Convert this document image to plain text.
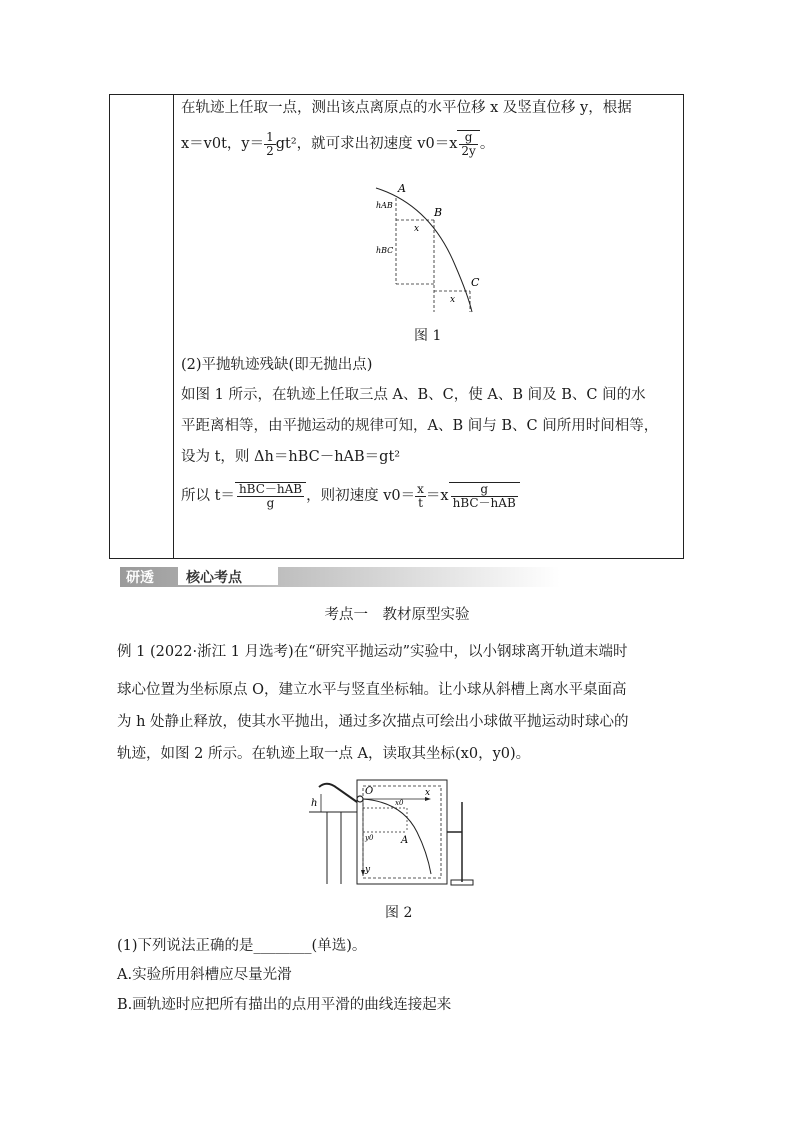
在轨迹上任取一点，测出该点离原点的水平位移 x 及竖直位移 y，根据
x＝v0t，$y= \frac{1}{2} gt^2$，就可求出初速度 $v0=x \frac{g}{2y}$ 。
A
B
C
hAB
hBC
x
x
图 1
(2)平抛轨迹残缺(即无抛出点)
如图 1 所示，在轨迹上任取三点 A、B、C，使 A、B 间及 B、C 间的水
平距离相等，由平抛运动的规律可知，A、B 间与 B、C 间所用时间相等，
设为 t，则 Δh＝hBC－hAB＝gt²
所以 $t= \frac{\text{hBC－hAB}}{g}$ ，则初速度 $v0= \frac{x}{t} =x \frac{g}{\text{hBC－hAB}}$
研透 核心考点
考点一　教材原型实验
例 1 (2022·浙江 1 月选考)在“研究平抛运动”实验中，以小钢球离开轨道末端时
球心位置为坐标原点 O，建立水平与竖直坐标轴。让小球从斜槽上离水平桌面高
为 h 处静止释放，使其水平抛出，通过多次描点可绘出小球做平抛运动时球心的
轨迹，如图 2 所示。在轨迹上取一点 A，读取其坐标(x0，y0)。
O
h
x
x0
y0
y
A
图 2
(1)下列说法正确的是________(单选)。
A.实验所用斜槽应尽量光滑
B.画轨迹时应把所有描出的点用平滑的曲线连接起来
